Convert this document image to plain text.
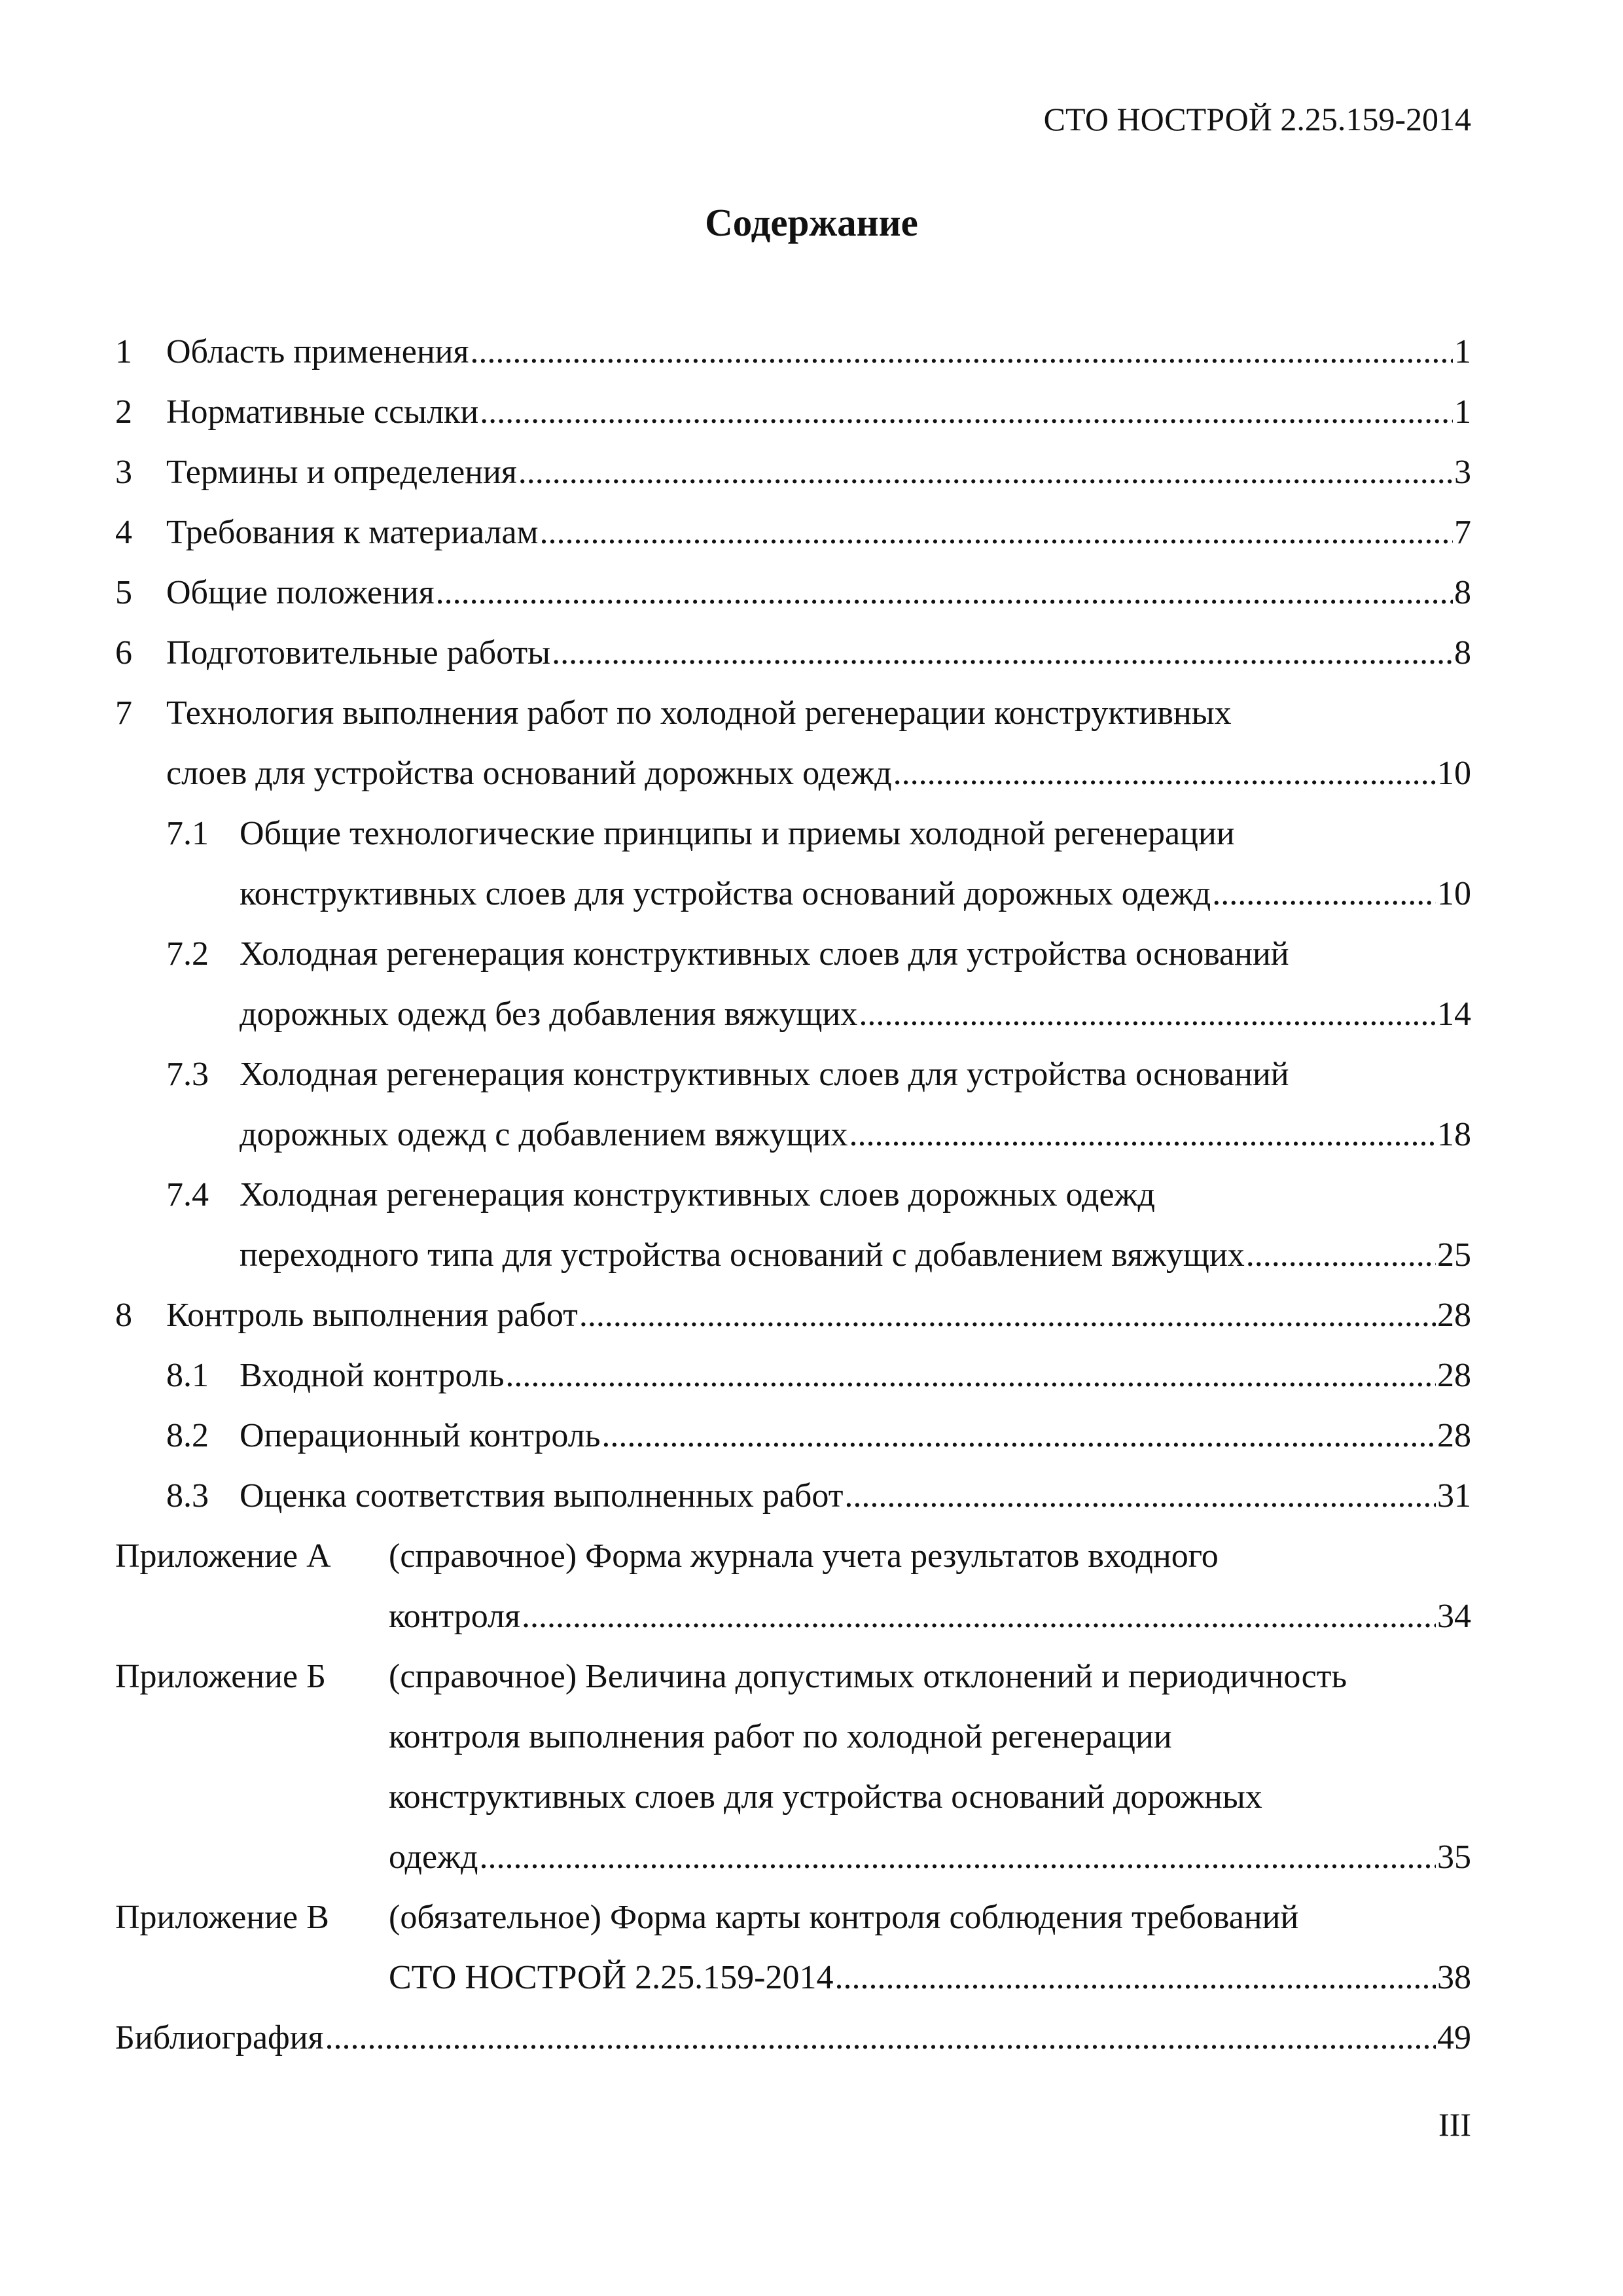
СТО НОСТРОЙ 2.25.159-2014
Содержание
1	Область применения .....	1
2	Нормативные ссылки .....	1
3	Термины и определения .....	3
4	Требования к материалам .....	7
5	Общие положения .....	8
6	Подготовительные работы .....	8
7	Технология выполнения работ по холодной регенерации конструктивных
слоев для устройства оснований дорожных одежд .....	10
7.1 Общие технологические принципы и приемы холодной регенерации
конструктивных слоев для устройства оснований дорожных одежд .....	10
7.2 Холодная регенерация конструктивных слоев для устройства оснований
дорожных одежд без добавления вяжущих .....	14
7.3 Холодная регенерация конструктивных слоев для устройства оснований
дорожных одежд с добавлением вяжущих .....	18
7.4 Холодная регенерация конструктивных слоев дорожных одежд
переходного типа для устройства оснований с добавлением вяжущих .....	25
8	Контроль выполнения работ .....	28
8.1 Входной контроль .....	28
8.2 Операционный контроль .....	28
8.3 Оценка соответствия выполненных работ .....	31
Приложение А	(справочное) Форма журнала учета результатов входного
контроля .....	34
Приложение Б	(справочное) Величина допустимых отклонений и периодичность
контроля выполнения работ по холодной регенерации
конструктивных слоев для устройства оснований дорожных
одежд .....	35
Приложение В	(обязательное) Форма карты контроля соблюдения требований
СТО НОСТРОЙ 2.25.159-2014 .....	38
Библиография .....	49
III
